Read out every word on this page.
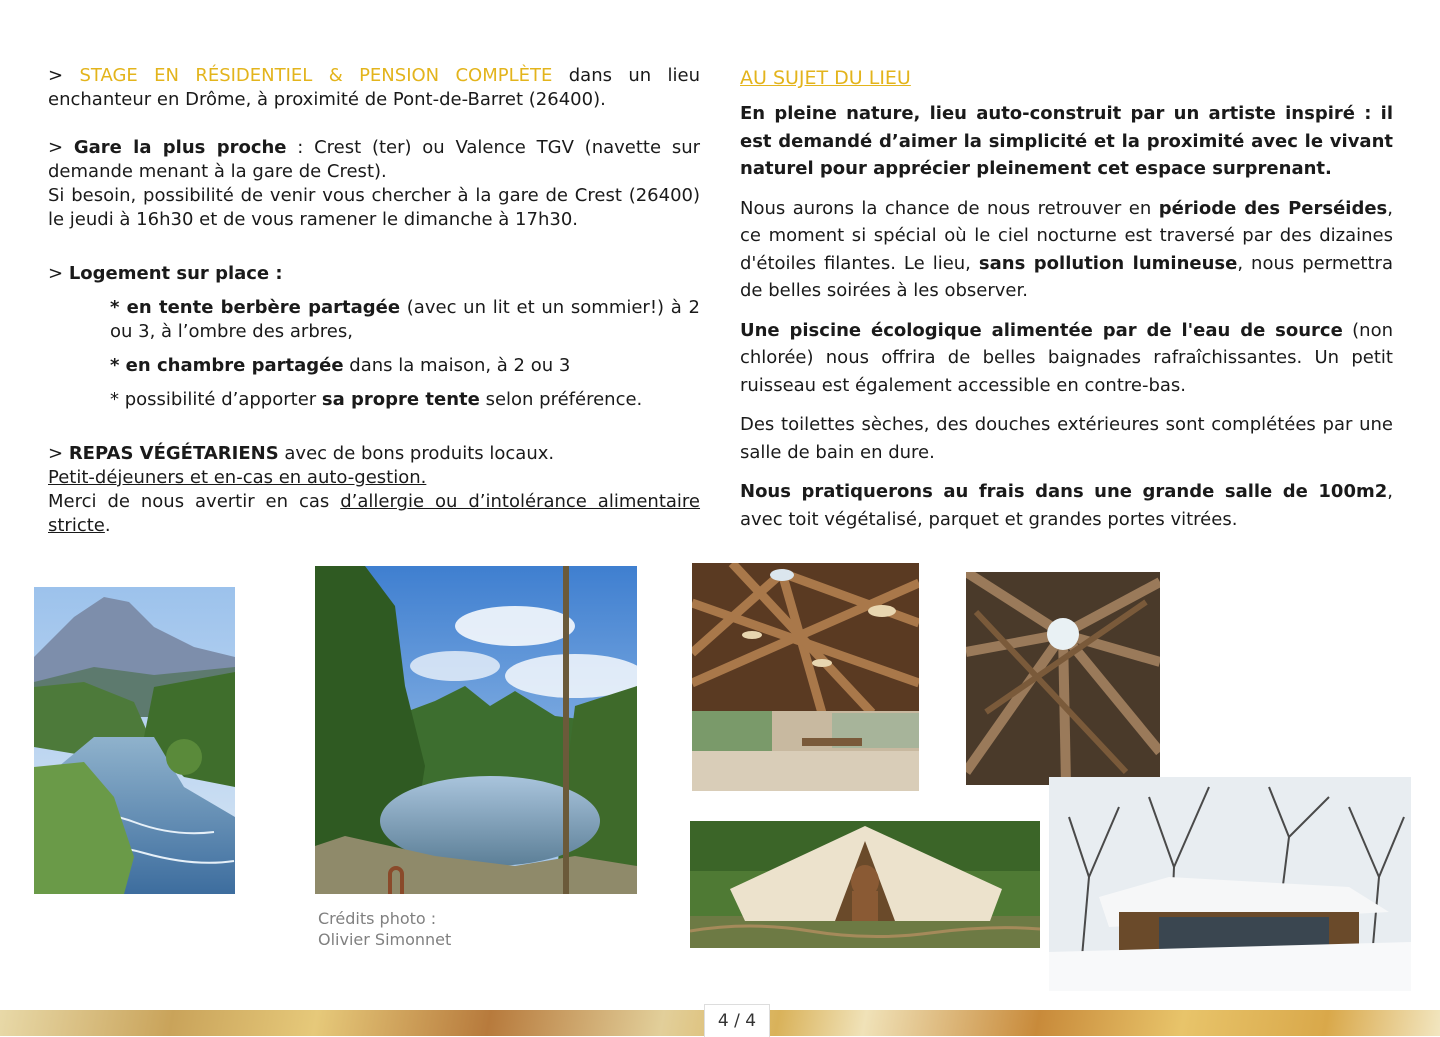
> STAGE EN RÉSIDENTIEL & PENSION COMPLÈTE dans un lieu enchanteur en Drôme, à proximité de Pont-de-Barret (26400).

> Gare la plus proche : Crest (ter) ou Valence TGV (navette sur demande menant à la gare de Crest).

Si besoin, possibilité de venir vous chercher à la gare de Crest (26400) le jeudi à 16h30 et de vous ramener le dimanche à 17h30.

> Logement sur place :

* en tente berbère partagée (avec un lit et un sommier!) à 2 ou 3, à l’ombre des arbres,

* en chambre partagée dans la maison, à 2 ou 3

* possibilité d’apporter sa propre tente selon préférence.

> REPAS VÉGÉTARIENS avec de bons produits locaux.

Petit-déjeuners et en-cas en auto-gestion.

Merci de nous avertir en cas d’allergie ou d’intolérance alimentaire stricte.

AU SUJET DU LIEU

En pleine nature, lieu auto-construit par un artiste inspiré : il est demandé d’aimer la simplicité et la proximité avec le vivant naturel pour apprécier pleinement cet espace surprenant.

Nous aurons la chance de nous retrouver en période des Perséides, ce moment si spécial où le ciel nocturne est traversé par des dizaines d'étoiles filantes. Le lieu, sans pollution lumineuse, nous permettra de belles soirées à les observer.

Une piscine écologique alimentée par de l'eau de source (non chlorée) nous offrira de belles baignades rafraîchissantes. Un petit ruisseau est également accessible en contre-bas.

Des toilettes sèches, des douches extérieures sont complétées par une salle de bain en dure.

Nous pratiquerons au frais dans une grande salle de 100m2, avec toit végétalisé, parquet et grandes portes vitrées.

Crédits photo :
Olivier Simonnet
4 / 4
